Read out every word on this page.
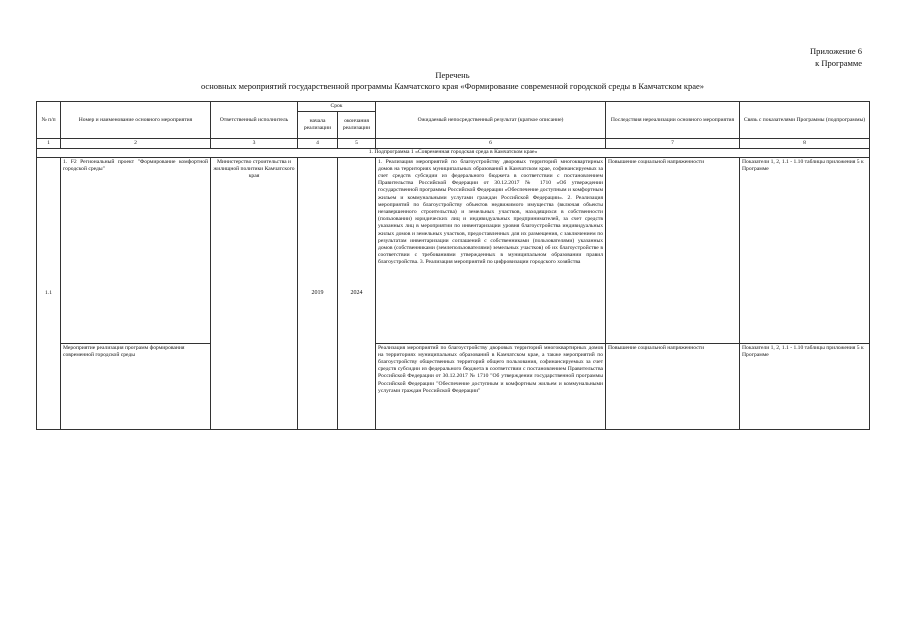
Приложение 6
к Программе
Перечень
основных мероприятий государственной программы Камчатского края «Формирование современной городской среды в Камчатском крае»
№ п/п	Номер и наименование основного мероприятия	Ответственный исполнитель	Срок		Ожидаемый непосредственный результат (краткое описание)	Последствия нереализации основного мероприятия	Связь с показателями Программы (подпрограммы)
			начала реализации	окончания реализации			
1	2	3	4	5	6	7	8
1. Подпрограмма 1 «Современная городская среда в Камчатском крае»							
1.1	1. F2 Региональный проект "Формирование комфортной городской среды"	Министерство строительства и жилищной политики Камчатского края	2019	2024	1. Реализация мероприятий по благоустройству дворовых территорий многоквартирных домов на территориях муниципальных образований в Камчатском крае, софинансируемых за счет средств субсидии из федерального бюджета в соответствии с постановлением Правительства Российской Федерации от 30.12.2017 № 1710 «Об утверждении государственной программы Российской Федерации «Обеспечение доступным и комфортным жильем и коммунальными услугами граждан Российской Федерации». 2. Реализация мероприятий по благоустройству объектов недвижимого имущества (включая объекты незавершенного строительства) и земельных участков, находящихся в собственности (пользовании) юридических лиц и индивидуальных предпринимателей, за счет средств указанных лиц в мероприятии по инвентаризации уровня благоустройства индивидуальных жилых домов и земельных участков, предоставленных для их размещения, с заключением по результатам инвентаризации соглашений с собственниками (пользователями) указанных домов (собственниками (землепользователями) земельных участков) об их благоустройстве в соответствии с требованиями утвержденных в муниципальном образовании правил благоустройства. 3. Реализация мероприятий по цифровизации городского хозяйства	Повышение социальной напряженности	Показатели 1, 2, 1.1 - 1.10 таблицы приложения 5 к Программе
	Мероприятие реализация программ формирования современной городской среды				Реализация мероприятий по благоустройству дворовых территорий многоквартирных домов на территориях муниципальных образований в Камчатском крае, а также мероприятий по благоустройству общественных территорий общего пользования, софинансируемых за счет средств субсидии из федерального бюджета в соответствии с постановлением Правительства Российской Федерации от 30.12.2017 № 1710 "Об утверждении государственной программы Российской Федерации "Обеспечение доступным и комфортным жильем и коммунальными услугами граждан Российской Федерации"	Повышение социальной напряженности	Показатели 1, 2, 1.1 - 1.10 таблицы приложения 5 к Программе
